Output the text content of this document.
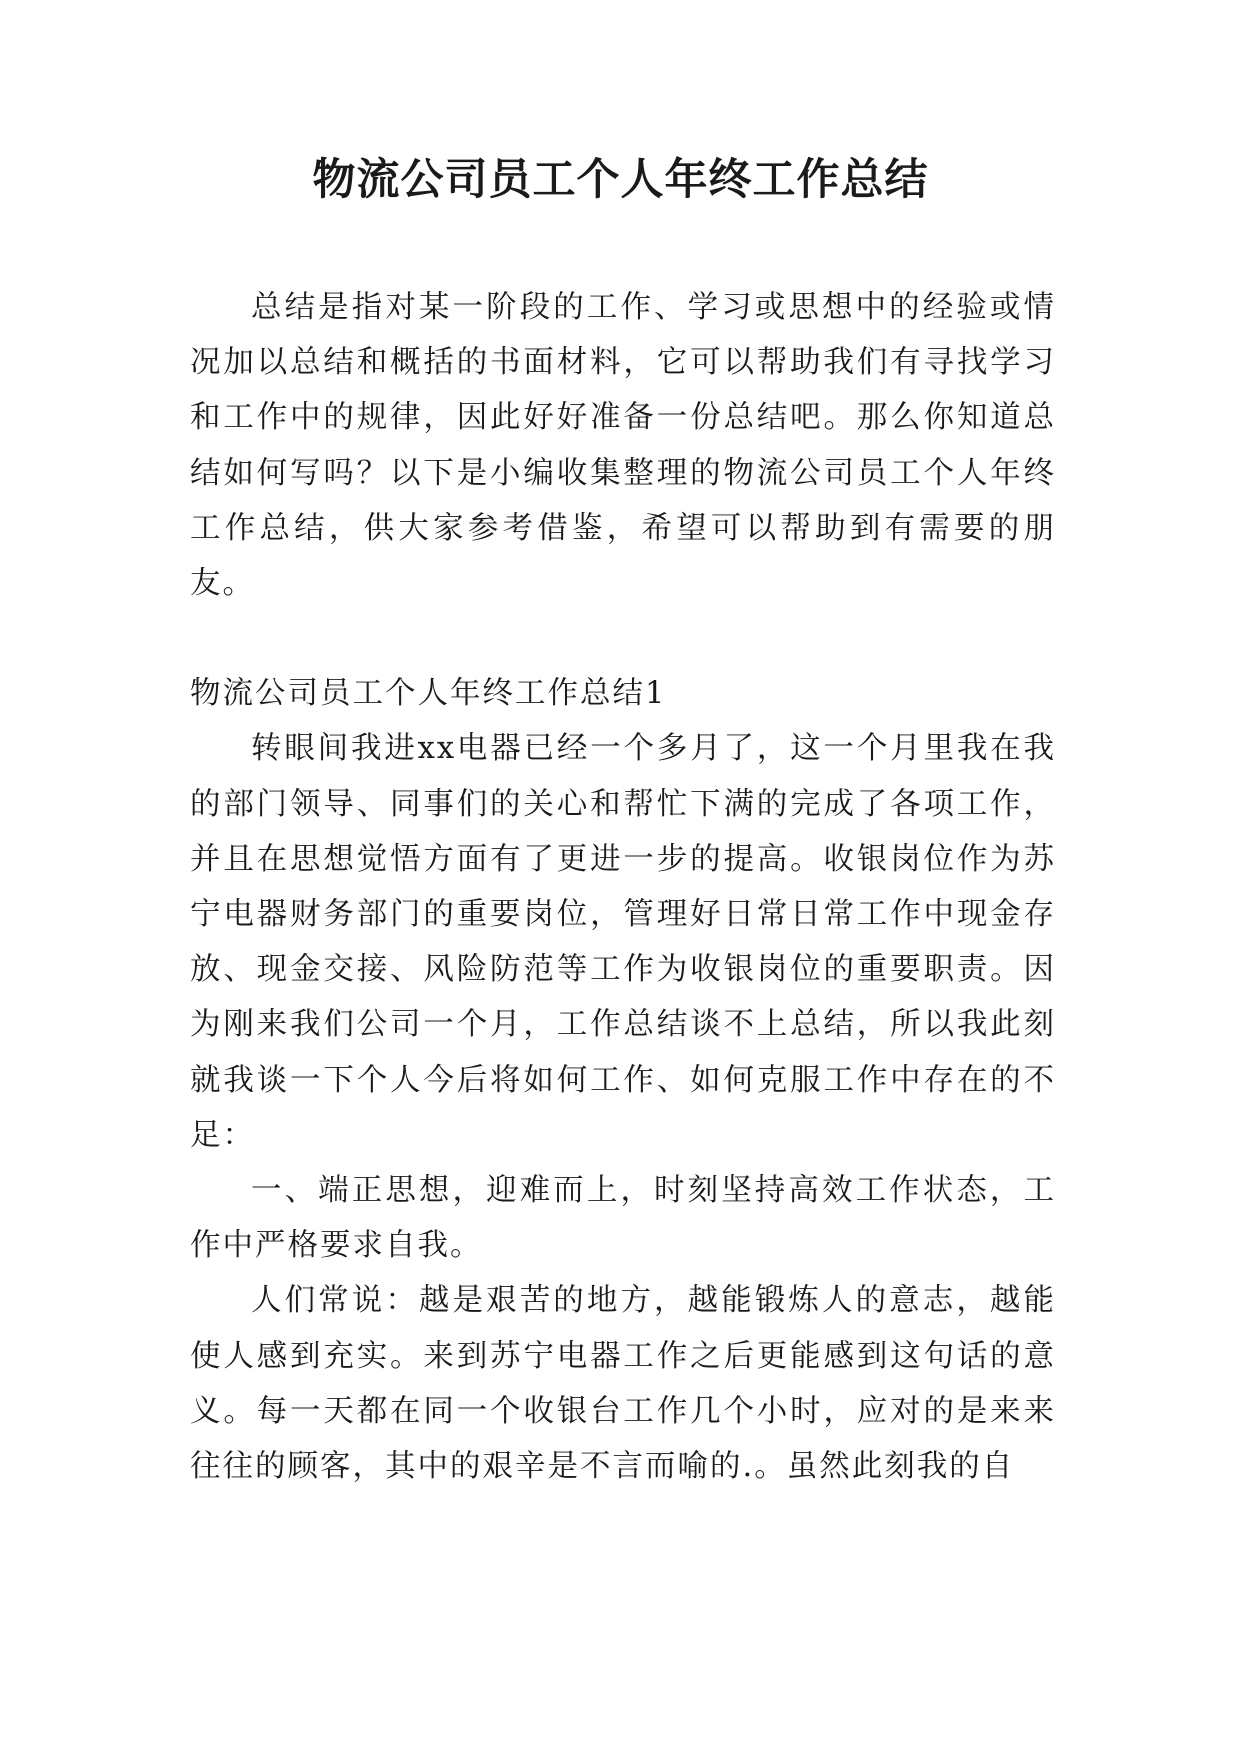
物流公司员工个人年终工作总结

总结是指对某一阶段的工作、学习或思想中的经验或情况加以总结和概括的书面材料，它可以帮助我们有寻找学习和工作中的规律，因此好好准备一份总结吧。那么你知道总结如何写吗？以下是小编收集整理的物流公司员工个人年终工作总结，供大家参考借鉴，希望可以帮助到有需要的朋友。

物流公司员工个人年终工作总结1

转眼间我进xx电器已经一个多月了，这一个月里我在我的部门领导、同事们的关心和帮忙下满的完成了各项工作，并且在思想觉悟方面有了更进一步的提高。收银岗位作为苏宁电器财务部门的重要岗位，管理好日常日常工作中现金存放、现金交接、风险防范等工作为收银岗位的重要职责。因为刚来我们公司一个月，工作总结谈不上总结，所以我此刻就我谈一下个人今后将如何工作、如何克服工作中存在的不足：

一、端正思想，迎难而上，时刻坚持高效工作状态，工作中严格要求自我。

人们常说：越是艰苦的地方，越能锻炼人的意志，越能使人感到充实。来到苏宁电器工作之后更能感到这句话的意义。每一天都在同一个收银台工作几个小时，应对的是来来往往的顾客，其中的艰辛是不言而喻的.。虽然此刻我的自
